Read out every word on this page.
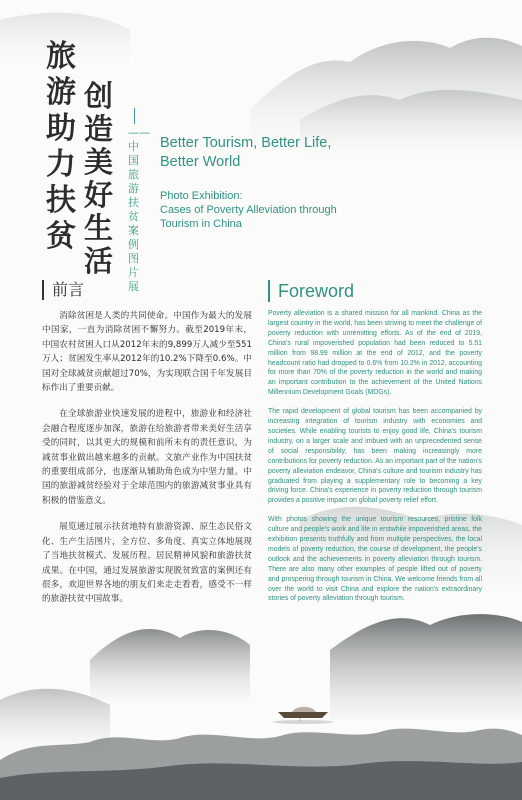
旅
游
助
力
扶
贫
创
造
美
好
生
活
——中国旅游扶贫案例图片展
Better Tourism, Better Life,
Better World
Photo Exhibition:
Cases of Poverty Alleviation through
Tourism in China
前言	Foreword

消除贫困是人类的共同使命。中国作为最大的发展中国家，一直为消除贫困不懈努力。截至2019年末，中国农村贫困人口从2012年末的9,899万人减少至551万人；贫困发生率从2012年的10.2%下降至0.6%。中国对全球减贫贡献超过70%，为实现联合国千年发展目标作出了重要贡献。

在全球旅游业快速发展的进程中，旅游业和经济社会融合程度逐步加深，旅游在给旅游者带来美好生活享受的同时，以其更大的规模和前所未有的责任意识，为减贫事业做出越来越多的贡献。文旅产业作为中国扶贫的重要组成部分，也逐渐从辅助角色成为中坚力量。中国的旅游减贫经验对于全球范围内的旅游减贫事业具有积极的借鉴意义。

展览通过展示扶贫地特有旅游资源、原生态民俗文化、生产生活图片，全方位、多角度、真实立体地展现了当地扶贫模式、发展历程、居民精神风貌和旅游扶贫成果。在中国，通过发展旅游实现脱贫致富的案例还有很多，欢迎世界各地的朋友们来走走看看，感受不一样的旅游扶贫中国故事。

Poverty alleviation is a shared mission for all mankind. China as the largest country in the world, has been striving to meet the challenge of poverty reduction with unremitting efforts. As of the end of 2019, China's rural impoverished population had been reduced to 5.51 million from 98.99 million at the end of 2012, and the poverty headcount ratio had dropped to 0.6% from 10.2% in 2012, accounting for more than 70% of the poverty reduction in the world and making an important contribution to the achievement of the United Nations Millennium Development Goals (MDGs).

The rapid development of global tourism has been accompanied by increasing integration of tourism industry with economies and societies. While enabling tourists to enjoy good life, China's tourism industry, on a larger scale and imbued with an unprecedented sense of social responsibility, has been making increasingly more contributions for poverty reduction. As an important part of the nation's poverty alleviation endeavor, China's culture and tourism industry has graduated from playing a supplementary role to becoming a key driving force. China's experience in poverty reduction through tourism provides a positive impact on global poverty relief effort.

With photos showing the unique tourism resources, pristine folk culture and people's work and life in erstwhile impoverished areas, the exhibition presents truthfully and from multiple perspectives, the local models of poverty reduction, the course of development, the people's outlook and the achievements in poverty alleviation through tourism. There are also many other examples of people lifted out of poverty and prospering through tourism in China. We welcome friends from all over the world to visit China and explore the nation's extraordinary stories of poverty alleviation through tourism.
